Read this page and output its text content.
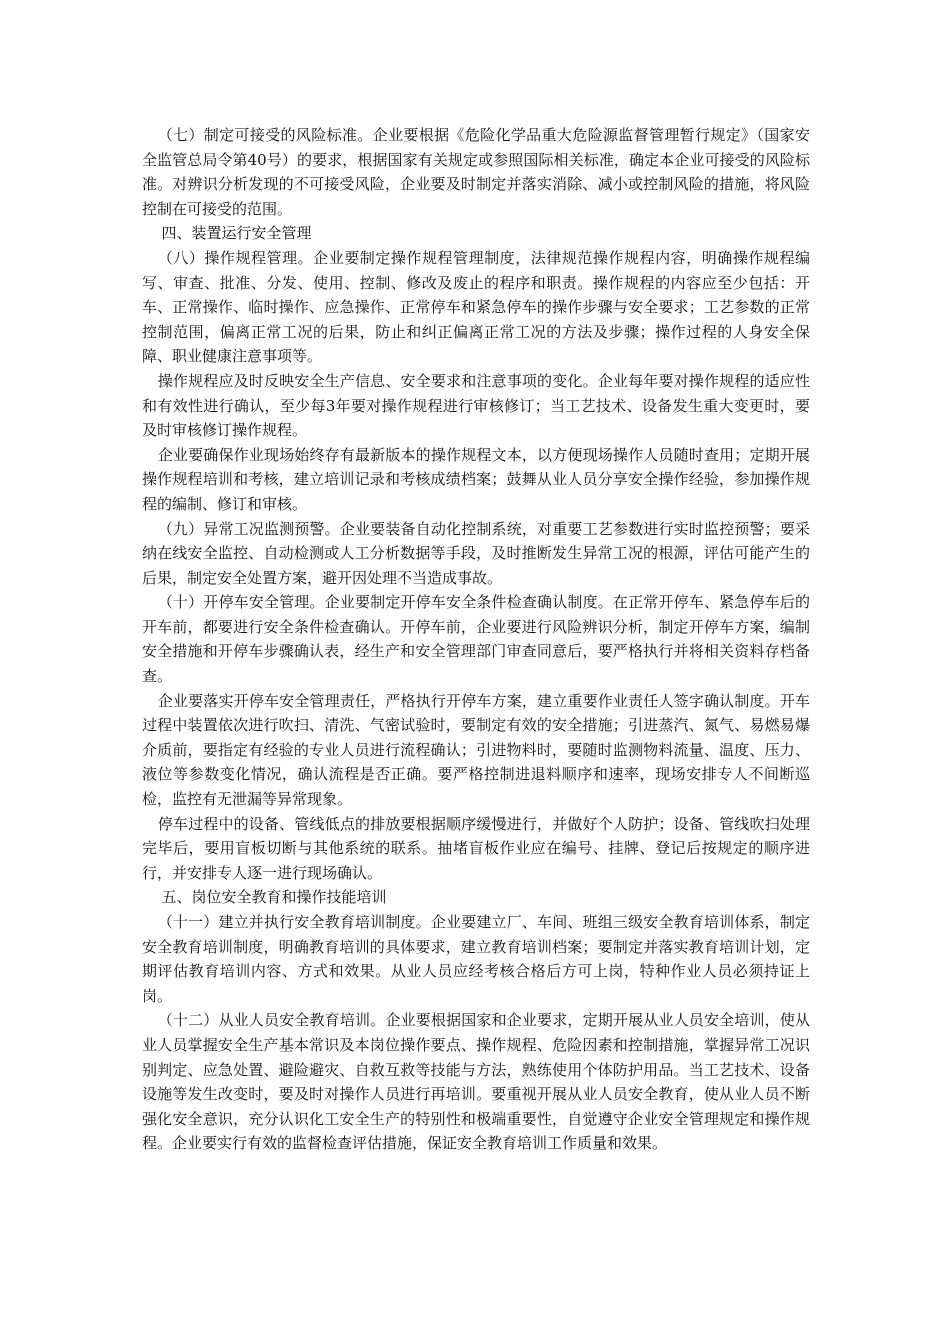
（七）制定可接受的风险标准。企业要根据《危险化学品重大危险源监督管理暂行规定》（国家安全监管总局令第40号）的要求，根据国家有关规定或参照国际相关标准，确定本企业可接受的风险标准。对辨识分析发现的不可接受风险，企业要及时制定并落实消除、减小或控制风险的措施，将风险控制在可接受的范围。

四、装置运行安全管理

（八）操作规程管理。企业要制定操作规程管理制度，法律规范操作规程内容，明确操作规程编写、审查、批准、分发、使用、控制、修改及废止的程序和职责。操作规程的内容应至少包括：开车、正常操作、临时操作、应急操作、正常停车和紧急停车的操作步骤与安全要求；工艺参数的正常控制范围，偏离正常工况的后果，防止和纠正偏离正常工况的方法及步骤；操作过程的人身安全保障、职业健康注意事项等。

操作规程应及时反映安全生产信息、安全要求和注意事项的变化。企业每年要对操作规程的适应性和有效性进行确认，至少每3年要对操作规程进行审核修订；当工艺技术、设备发生重大变更时，要及时审核修订操作规程。

企业要确保作业现场始终存有最新版本的操作规程文本，以方便现场操作人员随时查用；定期开展操作规程培训和考核，建立培训记录和考核成绩档案；鼓舞从业人员分享安全操作经验，参加操作规程的编制、修订和审核。

（九）异常工况监测预警。企业要装备自动化控制系统，对重要工艺参数进行实时监控预警；要采纳在线安全监控、自动检测或人工分析数据等手段，及时推断发生异常工况的根源，评估可能产生的后果，制定安全处置方案，避开因处理不当造成事故。

（十）开停车安全管理。企业要制定开停车安全条件检查确认制度。在正常开停车、紧急停车后的开车前，都要进行安全条件检查确认。开停车前，企业要进行风险辨识分析，制定开停车方案，编制安全措施和开停车步骤确认表，经生产和安全管理部门审查同意后，要严格执行并将相关资料存档备查。

企业要落实开停车安全管理责任，严格执行开停车方案，建立重要作业责任人签字确认制度。开车过程中装置依次进行吹扫、清洗、气密试验时，要制定有效的安全措施；引进蒸汽、氮气、易燃易爆介质前，要指定有经验的专业人员进行流程确认；引进物料时，要随时监测物料流量、温度、压力、液位等参数变化情况，确认流程是否正确。要严格控制进退料顺序和速率，现场安排专人不间断巡检，监控有无泄漏等异常现象。

停车过程中的设备、管线低点的排放要根据顺序缓慢进行，并做好个人防护；设备、管线吹扫处理完毕后，要用盲板切断与其他系统的联系。抽堵盲板作业应在编号、挂牌、登记后按规定的顺序进行，并安排专人逐一进行现场确认。

五、岗位安全教育和操作技能培训

（十一）建立并执行安全教育培训制度。企业要建立厂、车间、班组三级安全教育培训体系，制定安全教育培训制度，明确教育培训的具体要求，建立教育培训档案；要制定并落实教育培训计划，定期评估教育培训内容、方式和效果。从业人员应经考核合格后方可上岗，特种作业人员必须持证上岗。

（十二）从业人员安全教育培训。企业要根据国家和企业要求，定期开展从业人员安全培训，使从业人员掌握安全生产基本常识及本岗位操作要点、操作规程、危险因素和控制措施，掌握异常工况识别判定、应急处置、避险避灾、自救互救等技能与方法，熟练使用个体防护用品。当工艺技术、设备设施等发生改变时，要及时对操作人员进行再培训。要重视开展从业人员安全教育，使从业人员不断强化安全意识，充分认识化工安全生产的特别性和极端重要性，自觉遵守企业安全管理规定和操作规程。企业要实行有效的监督检查评估措施，保证安全教育培训工作质量和效果。
